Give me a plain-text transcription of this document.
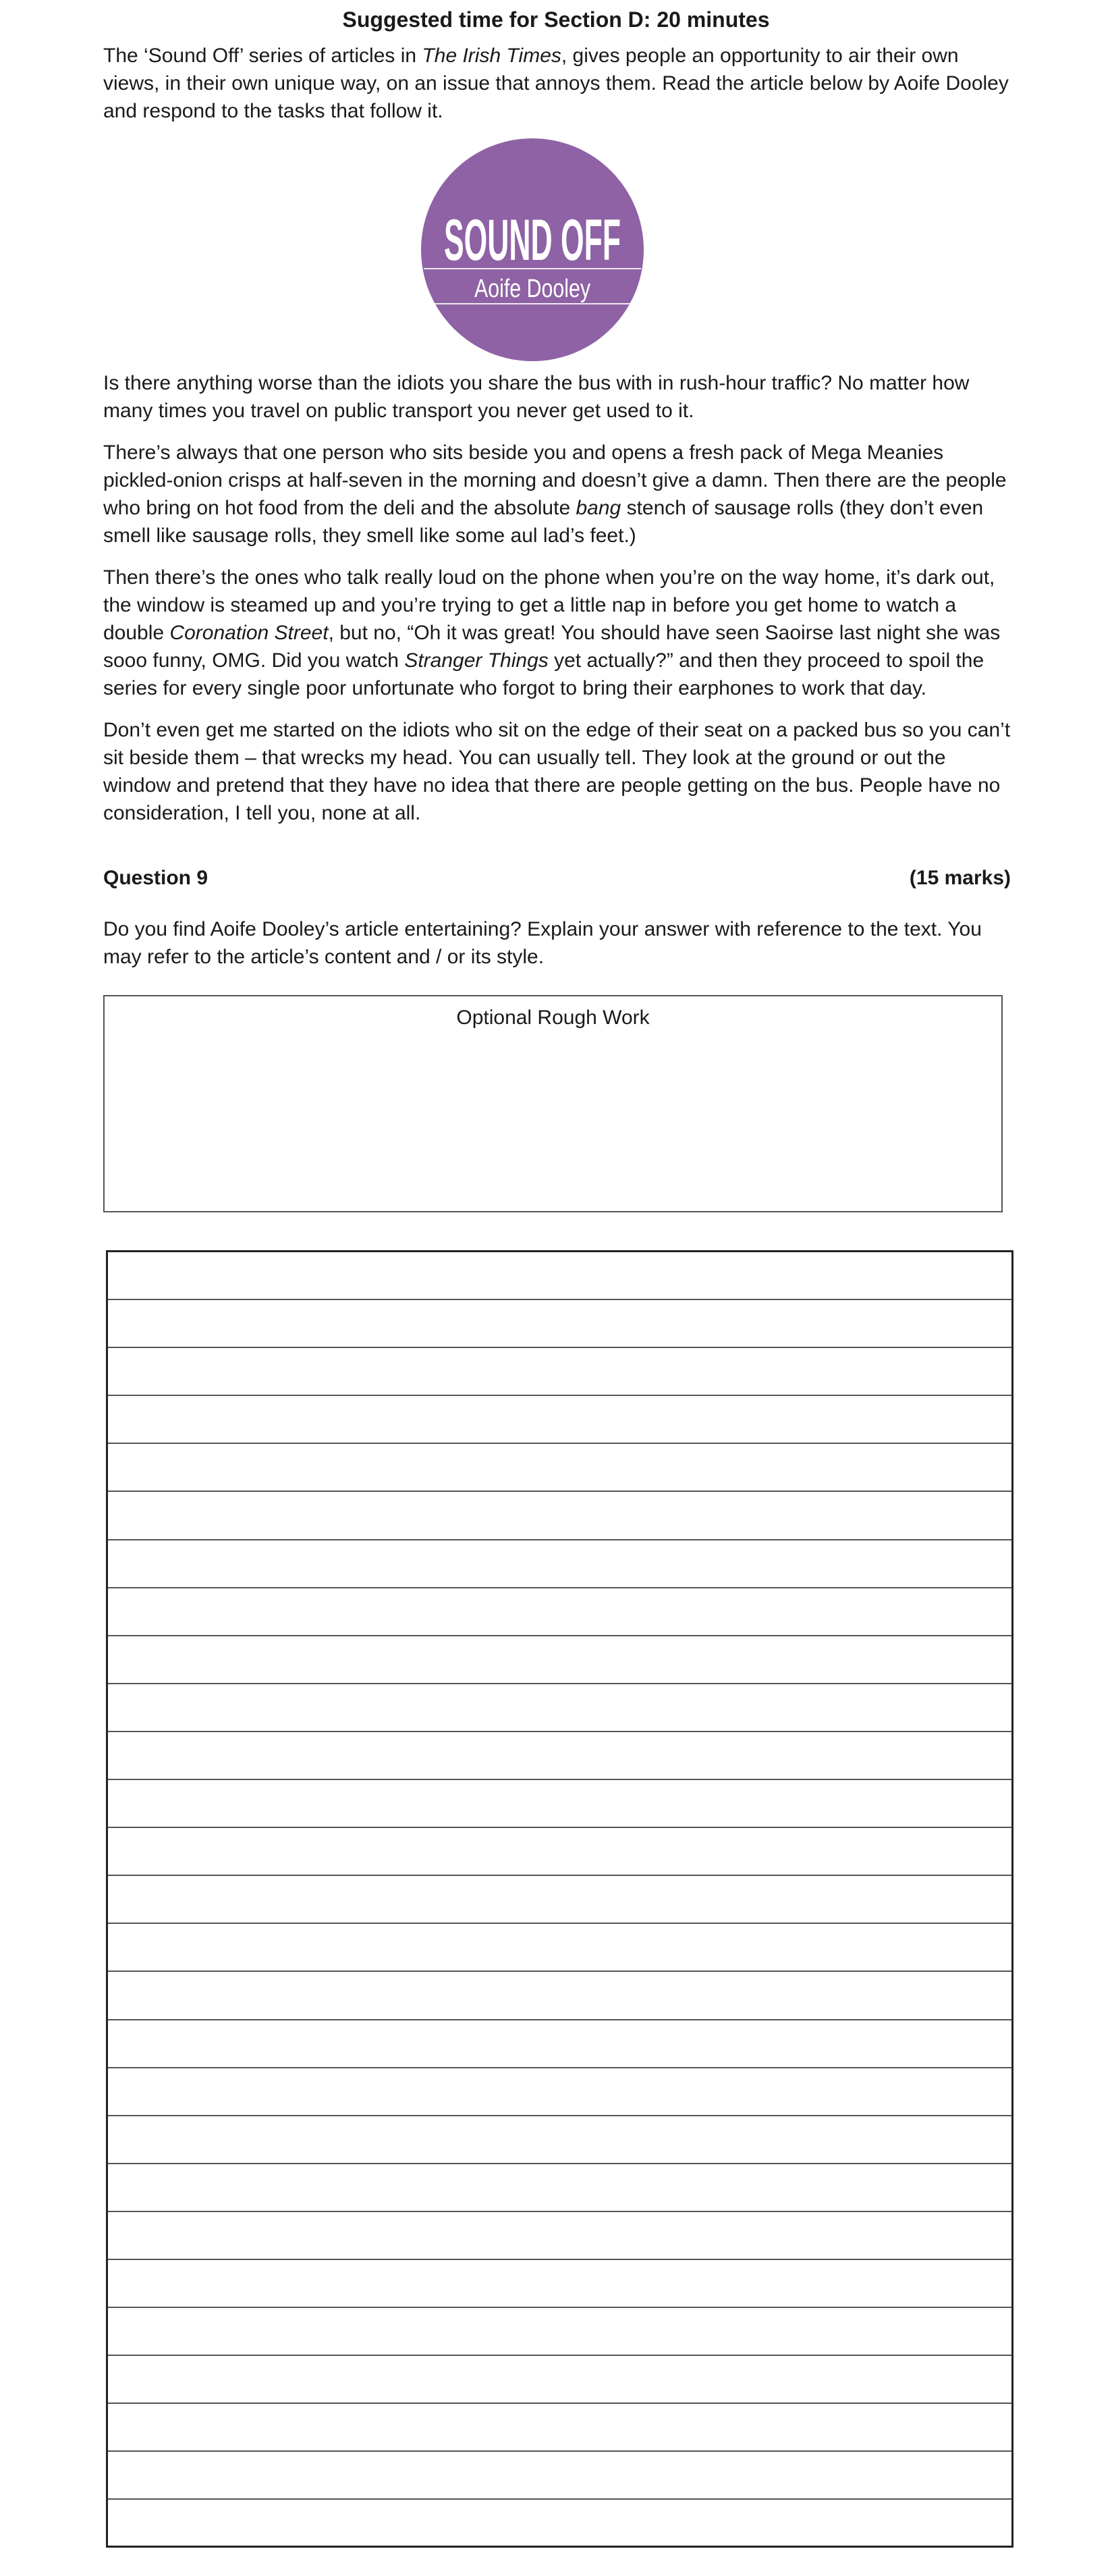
Suggested time for Section D: 20 minutes

The ‘Sound Off’ series of articles in The Irish Times, gives people an opportunity to air their own views, in their own unique way, on an issue that annoys them. Read the article below by Aoife Dooley and respond to the tasks that follow it.

SOUND OFF
Aoife Dooley

Is there anything worse than the idiots you share the bus with in rush-hour traffic? No matter how many times you travel on public transport you never get used to it.

There’s always that one person who sits beside you and opens a fresh pack of Mega Meanies pickled-onion crisps at half-seven in the morning and doesn’t give a damn. Then there are the people who bring on hot food from the deli and the absolute bang stench of sausage rolls (they don’t even smell like sausage rolls, they smell like some aul lad’s feet.)

Then there’s the ones who talk really loud on the phone when you’re on the way home, it’s dark out, the window is steamed up and you’re trying to get a little nap in before you get home to watch a double Coronation Street, but no, “Oh it was great! You should have seen Saoirse last night she was sooo funny, OMG. Did you watch Stranger Things yet actually?” and then they proceed to spoil the series for every single poor unfortunate who forgot to bring their earphones to work that day.

Don’t even get me started on the idiots who sit on the edge of their seat on a packed bus so you can’t sit beside them – that wrecks my head. You can usually tell. They look at the ground or out the window and pretend that they have no idea that there are people getting on the bus. People have no consideration, I tell you, none at all.

Question 9	(15 marks)

Do you find Aoife Dooley’s article entertaining? Explain your answer with reference to the text. You may refer to the article’s content and / or its style.

Optional Rough Work
